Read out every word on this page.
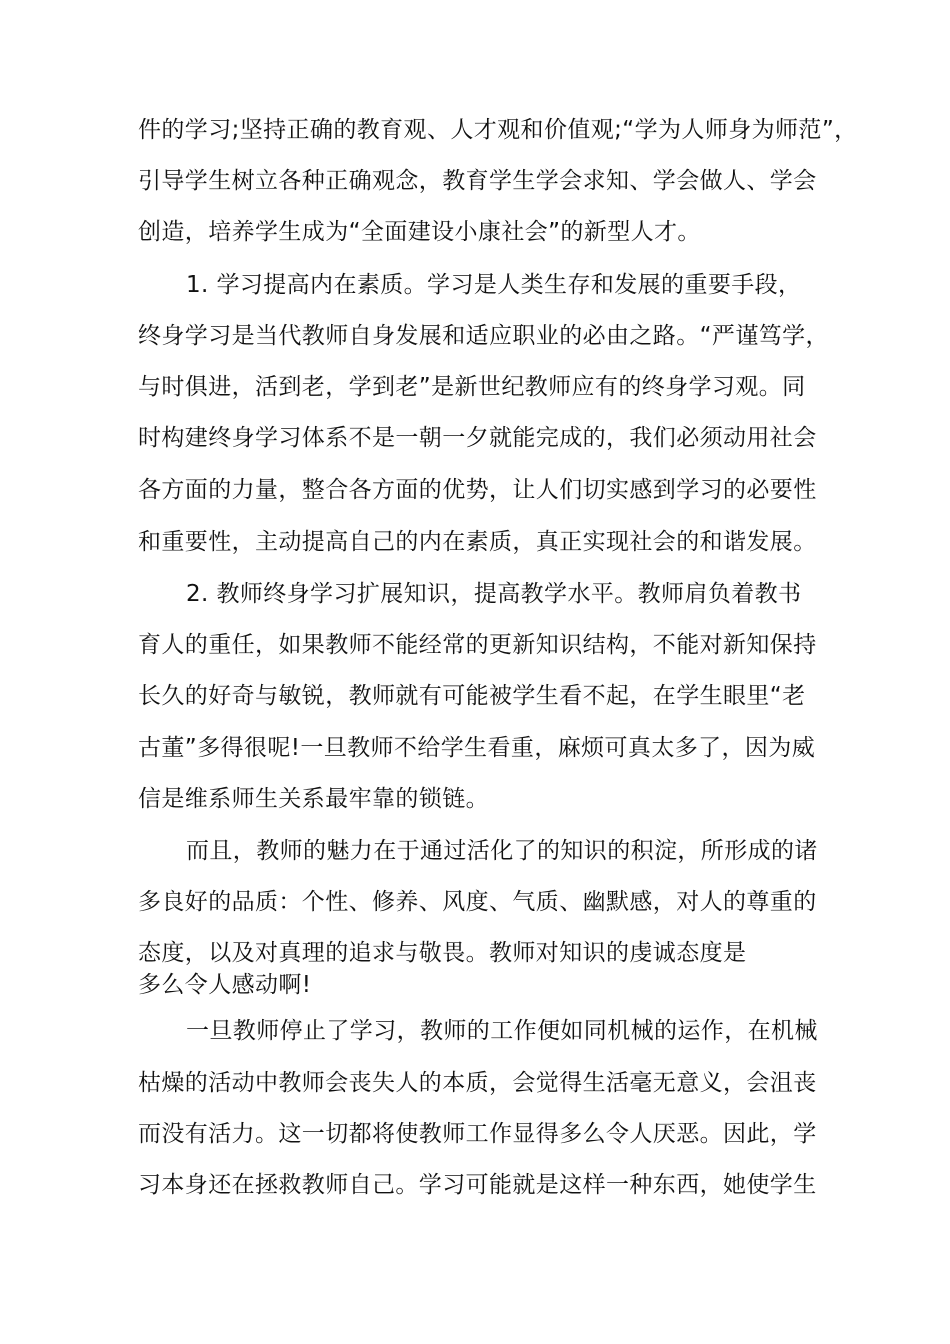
件的学习;坚持正确的教育观、人才观和价值观;“学为人师身为师范”，

引导学生树立各种正确观念，教育学生学会求知、学会做人、学会

创造，培养学生成为“全面建设小康社会”的新型人才。

1. 学习提高内在素质。学习是人类生存和发展的重要手段，

终身学习是当代教师自身发展和适应职业的必由之路。“严谨笃学，

与时俱进，活到老，学到老”是新世纪教师应有的终身学习观。同

时构建终身学习体系不是一朝一夕就能完成的，我们必须动用社会

各方面的力量，整合各方面的优势，让人们切实感到学习的必要性

和重要性，主动提高自己的内在素质，真正实现社会的和谐发展。

2. 教师终身学习扩展知识，提高教学水平。教师肩负着教书

育人的重任，如果教师不能经常的更新知识结构，不能对新知保持

长久的好奇与敏锐，教师就有可能被学生看不起，在学生眼里“老

古董”多得很呢!一旦教师不给学生看重，麻烦可真太多了，因为威

信是维系师生关系最牢靠的锁链。

而且，教师的魅力在于通过活化了的知识的积淀，所形成的诸

多良好的品质：个性、修养、风度、气质、幽默感，对人的尊重的

态度，以及对真理的追求与敬畏。教师对知识的虔诚态度是

多么令人感动啊!

一旦教师停止了学习，教师的工作便如同机械的运作，在机械

枯燥的活动中教师会丧失人的本质，会觉得生活毫无意义，会沮丧

而没有活力。这一切都将使教师工作显得多么令人厌恶。因此，学

习本身还在拯救教师自己。学习可能就是这样一种东西，她使学生
